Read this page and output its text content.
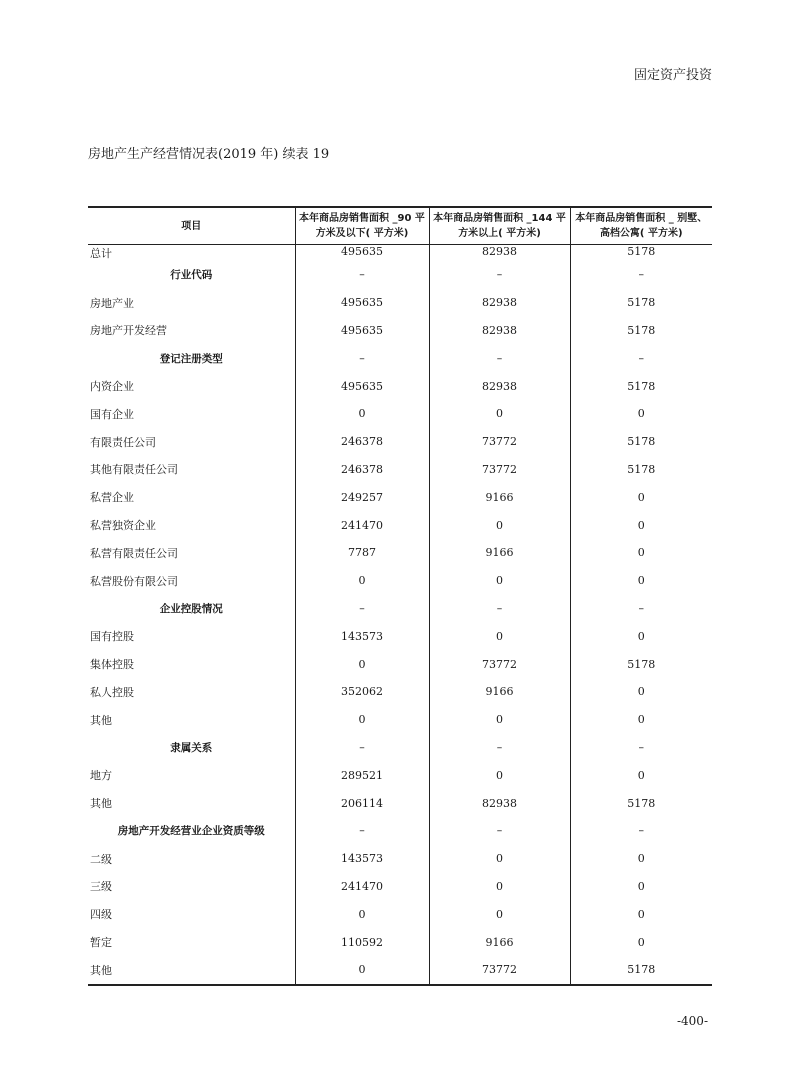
固定资产投资
房地产生产经营情况表(2019 年) 续表 19
项目	本年商品房销售面积 _90 平方米及以下( 平方米)	本年商品房销售面积 _144 平方米以上( 平方米)	本年商品房销售面积 _ 别墅、高档公寓( 平方米)
总计	495635	82938	5178
行业代码	–	–	–
房地产业	495635	82938	5178
房地产开发经营	495635	82938	5178
登记注册类型	–	–	–
内资企业	495635	82938	5178
国有企业	0	0	0
有限责任公司	246378	73772	5178
其他有限责任公司	246378	73772	5178
私营企业	249257	9166	0
私营独资企业	241470	0	0
私营有限责任公司	7787	9166	0
私营股份有限公司	0	0	0
企业控股情况	–	–	–
国有控股	143573	0	0
集体控股	0	73772	5178
私人控股	352062	9166	0
其他	0	0	0
隶属关系	–	–	–
地方	289521	0	0
其他	206114	82938	5178
房地产开发经营业企业资质等级	–	–	–
二级	143573	0	0
三级	241470	0	0
四级	0	0	0
暂定	110592	9166	0
其他	0	73772	5178
-400-
